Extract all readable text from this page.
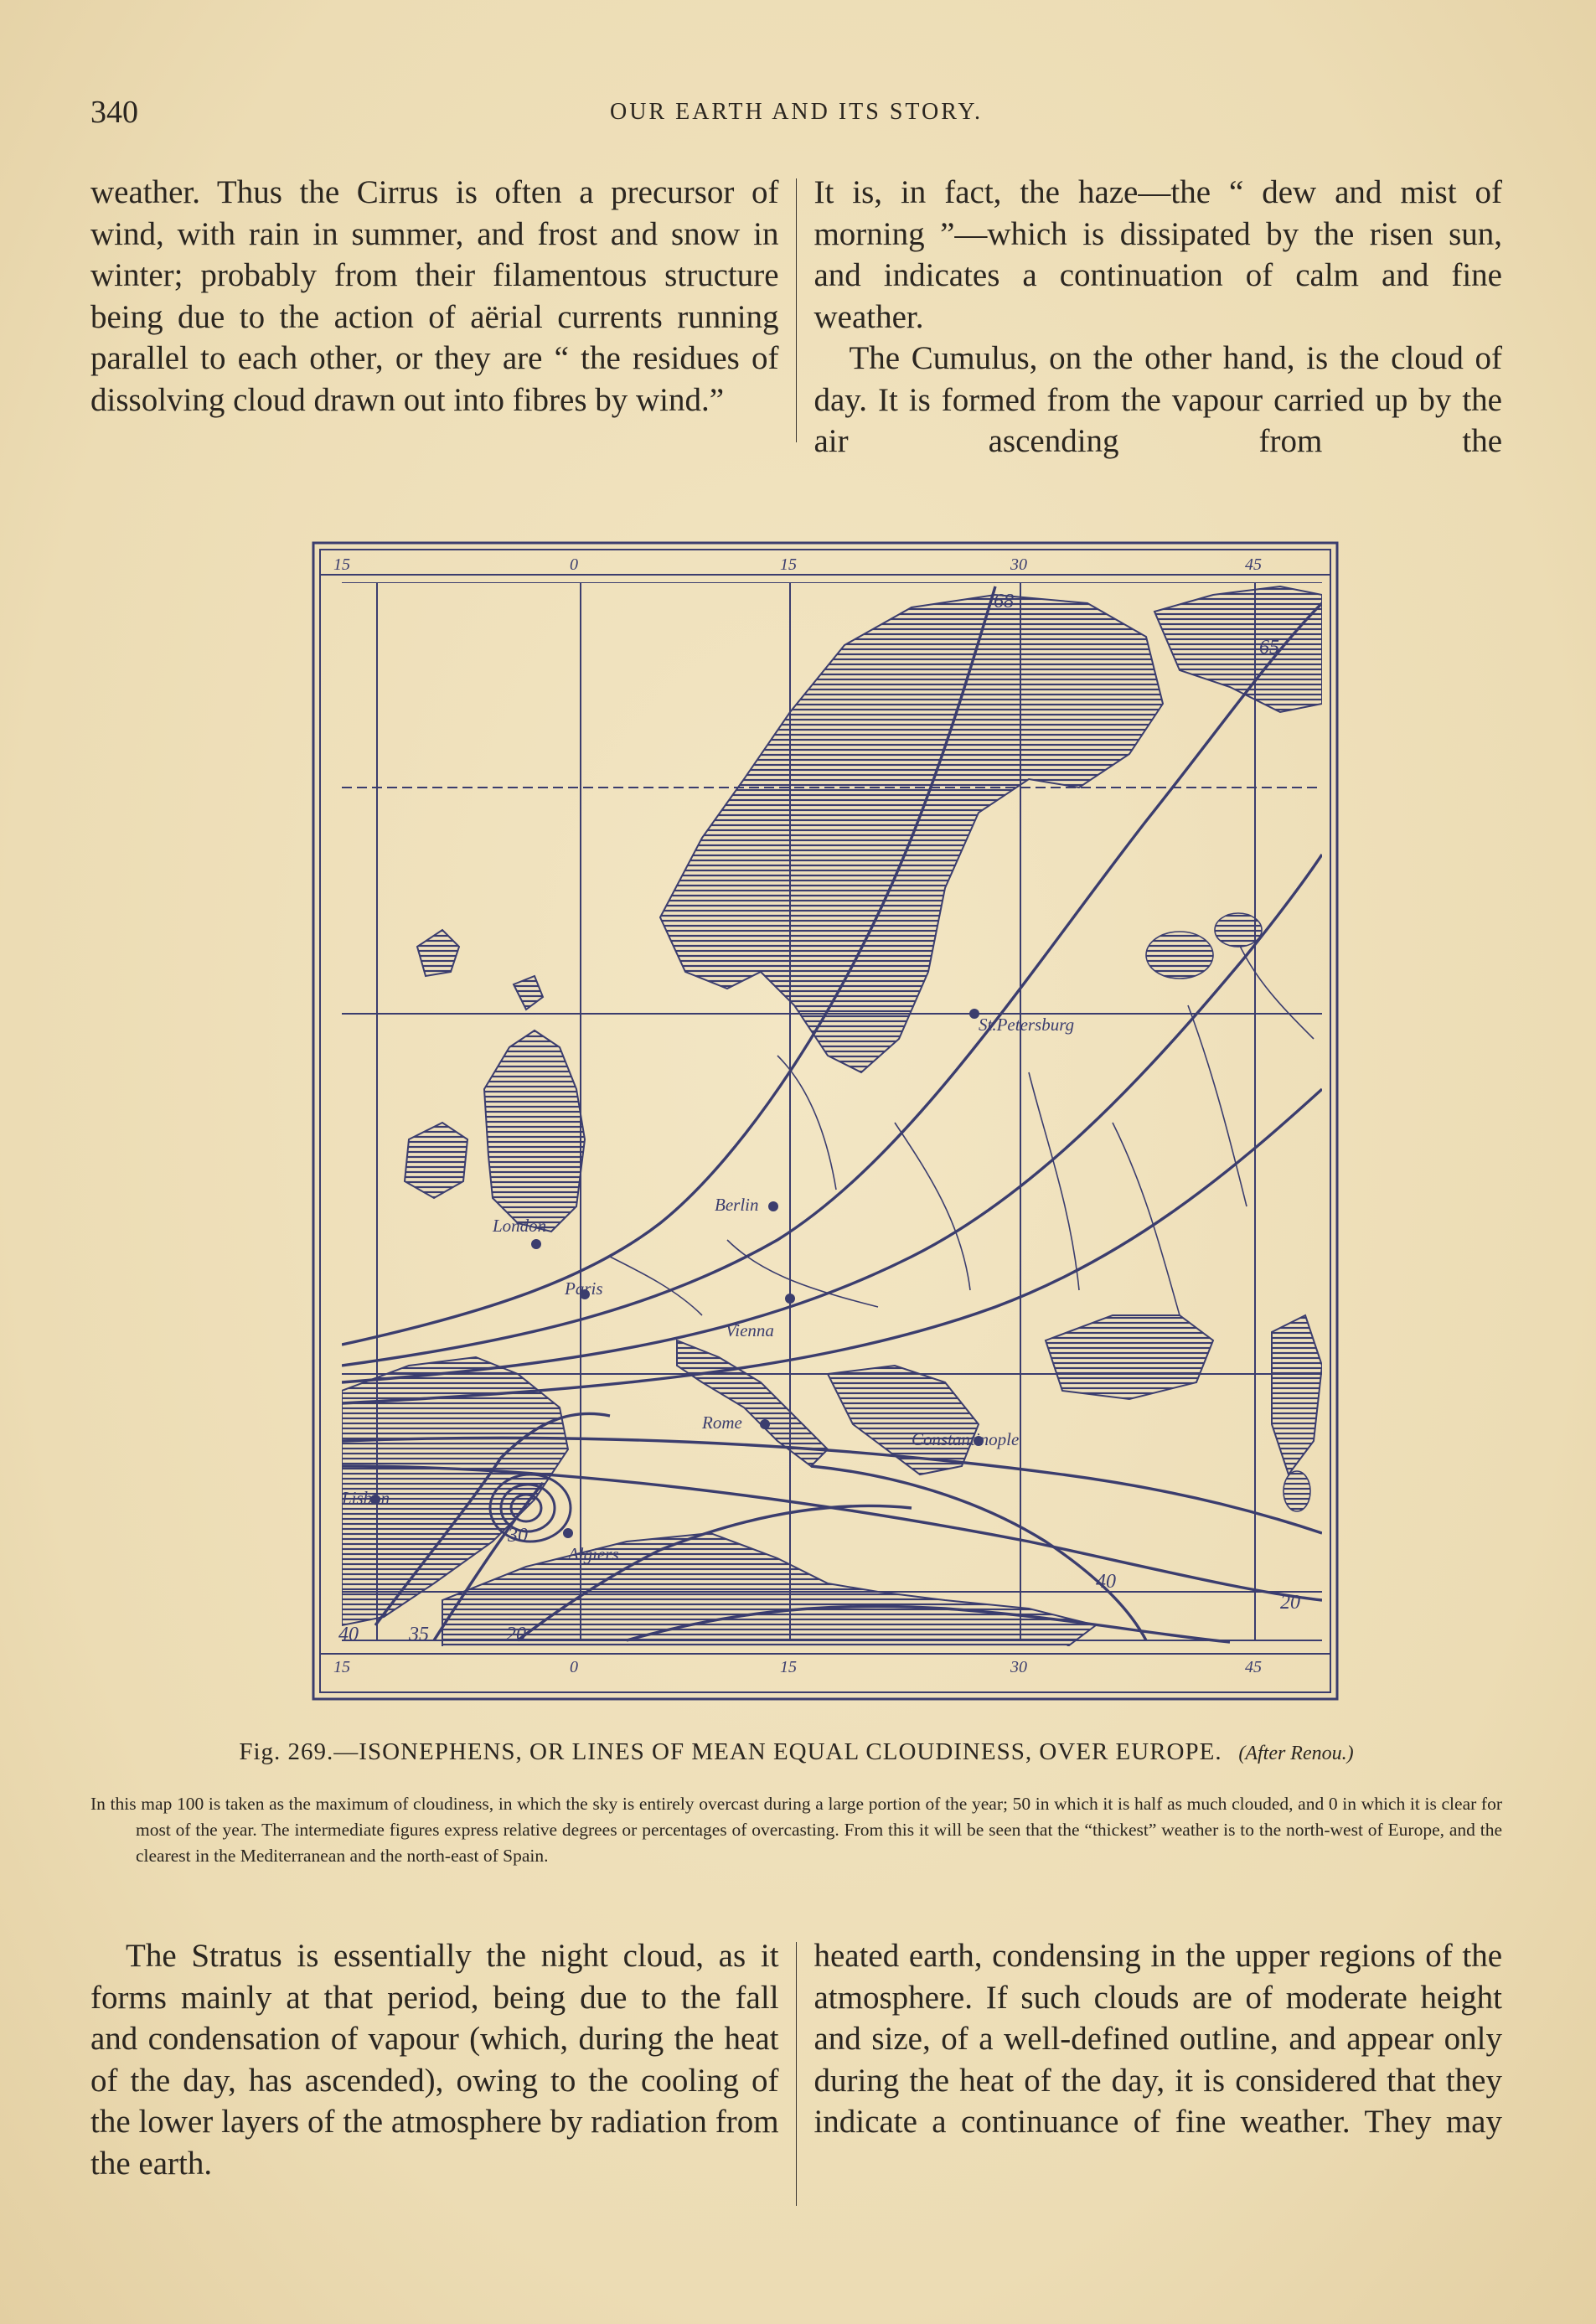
340	OUR EARTH AND ITS STORY.

weather. Thus the Cirrus is often a precursor of wind, with rain in summer, and frost and snow in winter; probably from their filamentous structure being due to the action of aërial currents running parallel to each other, or they are “ the residues of dissolving cloud drawn out into fibres by wind.”

It is, in fact, the haze—the “ dew and mist of morning ”—which is dissipated by the risen sun, and indicates a continuation of calm and fine weather.

The Cumulus, on the other hand, is the cloud of day. It is formed from the vapour carried up by the air ascending from the

15	0	15	30	45
15	0	15	30	45
London
Paris
Berlin
Vienna
Rome
St.Petersburg
Constantinople
Lisbon
Algiers
68
65
40
20
40	35	20
30
Fig. 269.—ISONEPHENS, OR LINES OF MEAN EQUAL CLOUDINESS, OVER EUROPE. (After Renou.)
In this map 100 is taken as the maximum of cloudiness, in which the sky is entirely overcast during a large portion of the year; 50 in which it is half as much clouded, and 0 in which it is clear for most of the year. The intermediate figures express relative degrees or percentages of overcasting. From this it will be seen that the “thickest” weather is to the north-west of Europe, and the clearest in the Mediterranean and the north-east of Spain.

The Stratus is essentially the night cloud, as it forms mainly at that period, being due to the fall and condensation of vapour (which, during the heat of the day, has ascended), owing to the cooling of the lower layers of the atmosphere by radiation from the earth.

heated earth, condensing in the upper regions of the atmosphere. If such clouds are of moderate height and size, of a well-defined outline, and appear only during the heat of the day, it is considered that they indicate a continuance of fine weather. They may
